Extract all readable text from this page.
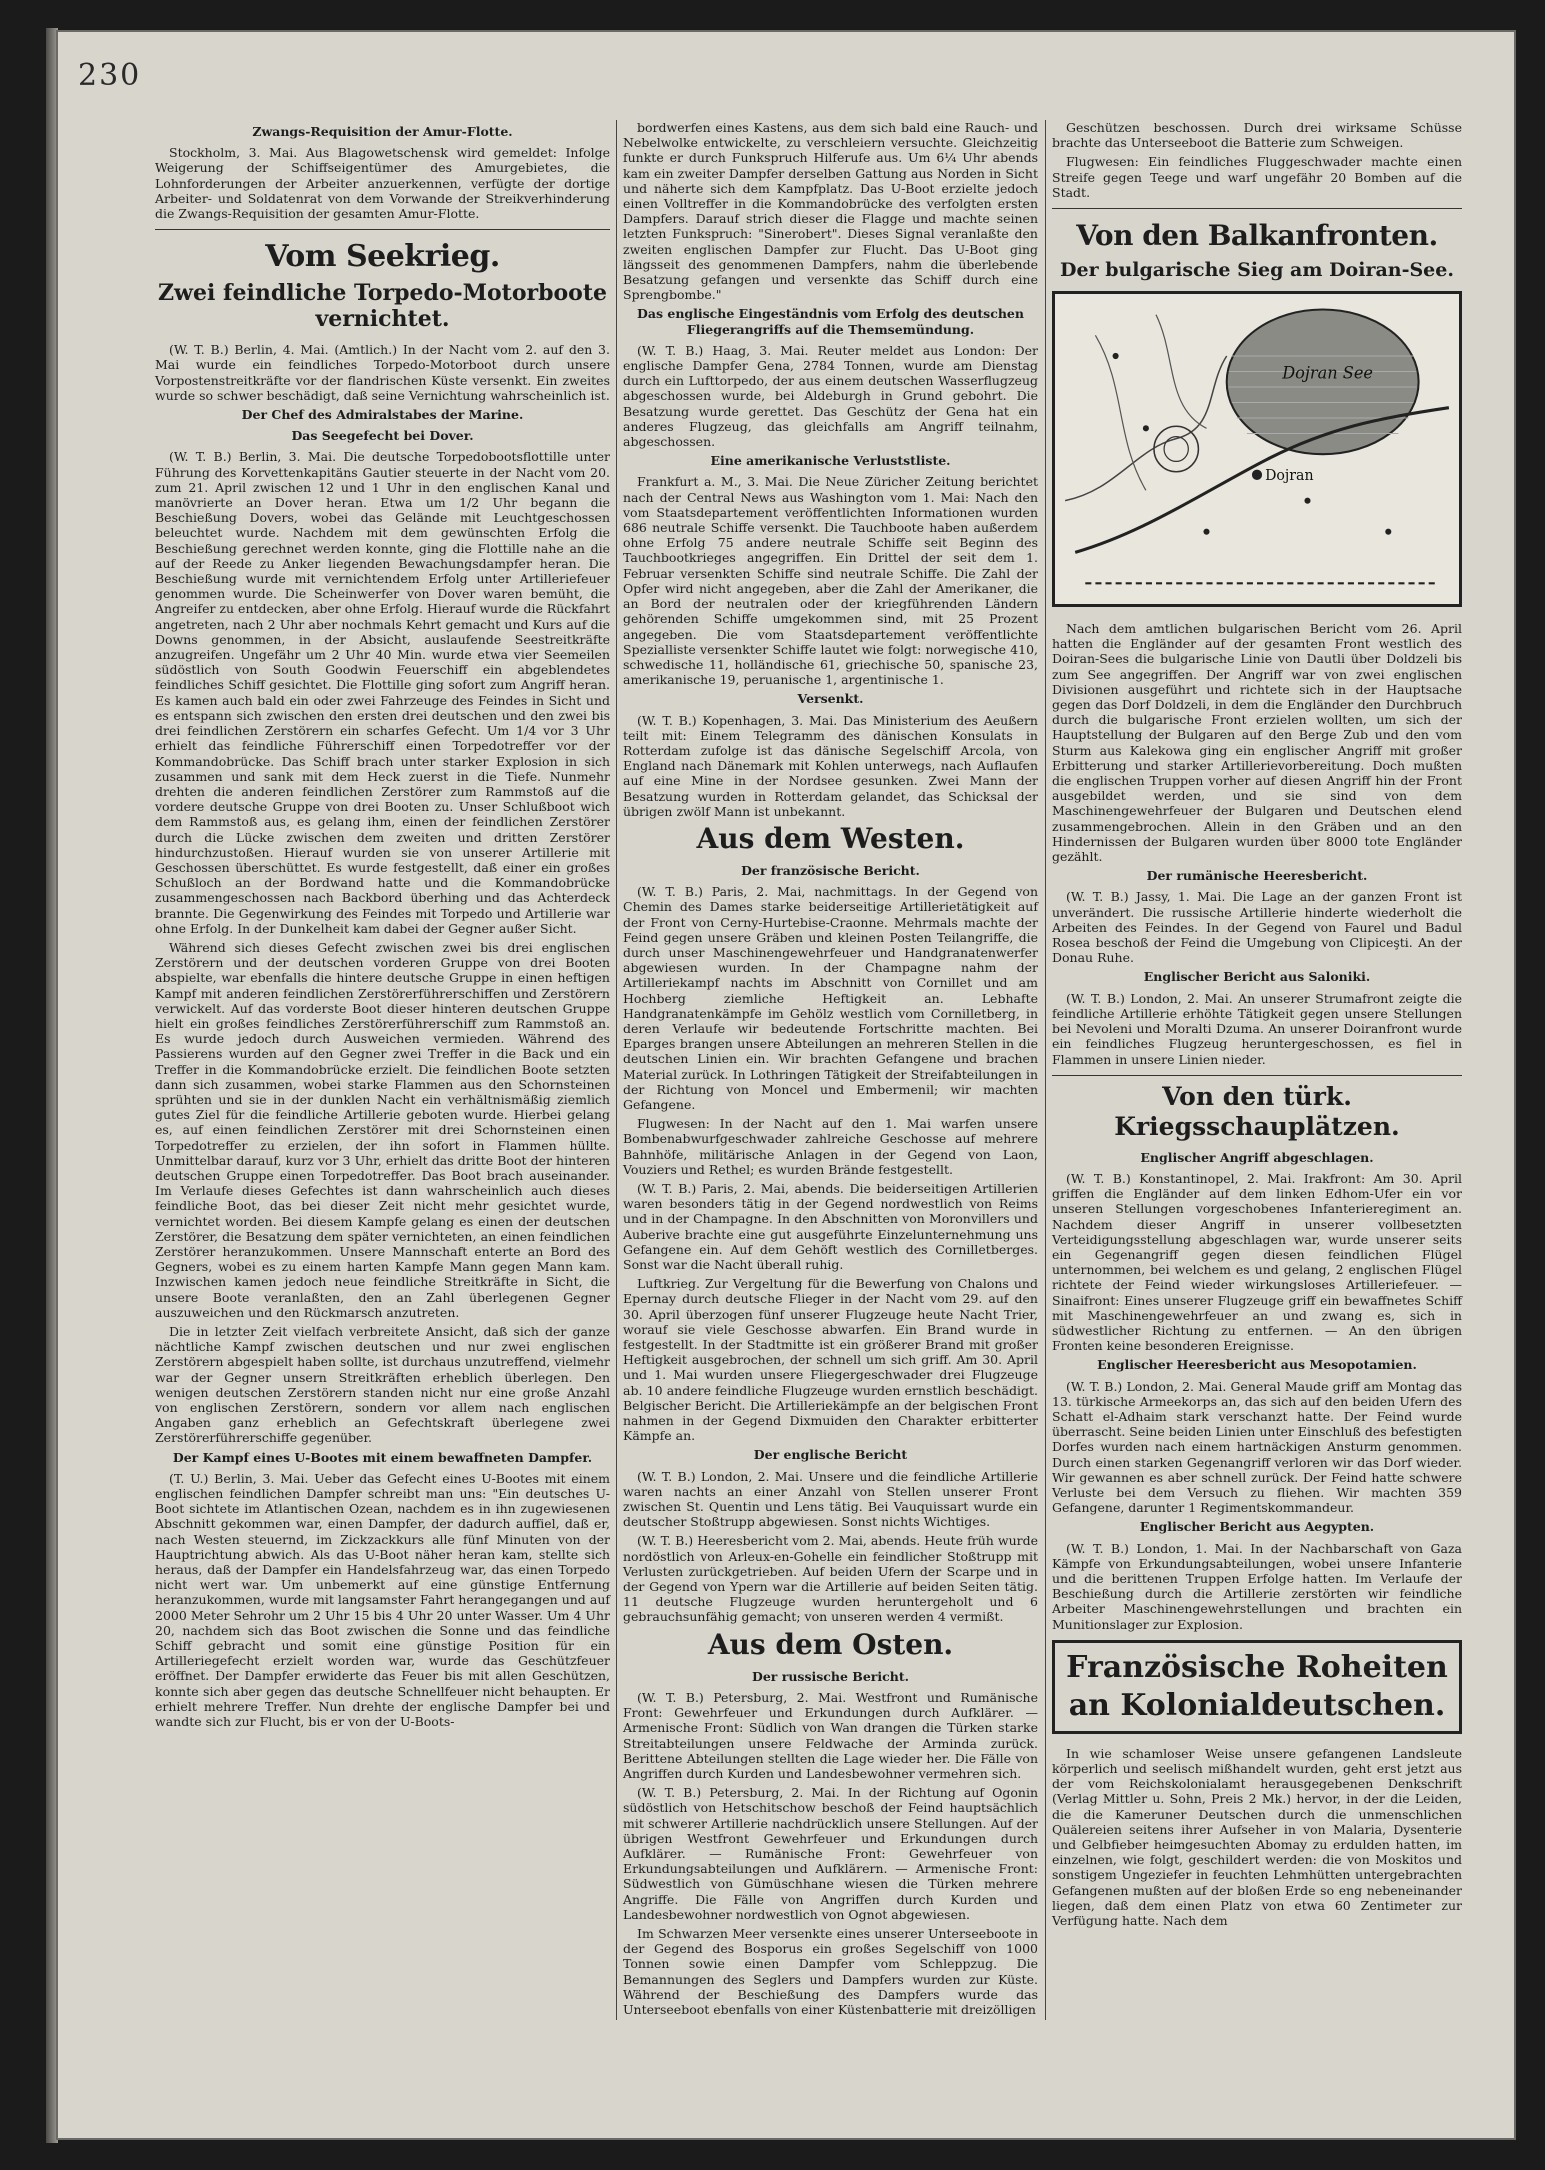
230
Zwangs-Requisition der Amur-Flotte.

Stockholm, 3. Mai. Aus Blagowetschensk wird gemeldet: Infolge Weigerung der Schiffseigentümer des Amurgebietes, die Lohnforderungen der Arbeiter anzuerkennen, verfügte der dortige Arbeiter- und Soldatenrat von dem Vorwande der Streikverhinderung die Zwangs-Requisition der gesamten Amur-Flotte.

Vom Seekrieg.
Zwei feindliche Torpedo-Motorboote vernichtet.

(W. T. B.) Berlin, 4. Mai. (Amtlich.) In der Nacht vom 2. auf den 3. Mai wurde ein feindliches Torpedo-Motorboot durch unsere Vorpostenstreitkräfte vor der flandrischen Küste versenkt. Ein zweites wurde so schwer beschädigt, daß seine Vernichtung wahrscheinlich ist.

Der Chef des Admiralstabes der Marine.
Das Seegefecht bei Dover.

(W. T. B.) Berlin, 3. Mai. Die deutsche Torpedobootsflottille unter Führung des Korvettenkapitäns Gautier steuerte in der Nacht vom 20. zum 21. April zwischen 12 und 1 Uhr in den englischen Kanal und manövrierte an Dover heran. Etwa um 1/2 Uhr begann die Beschießung Dovers, wobei das Gelände mit Leuchtgeschossen beleuchtet wurde. Nachdem mit dem gewünschten Erfolg die Beschießung gerechnet werden konnte, ging die Flottille nahe an die auf der Reede zu Anker liegenden Bewachungsdampfer heran. Die Beschießung wurde mit vernichtendem Erfolg unter Artilleriefeuer genommen wurde. Die Scheinwerfer von Dover waren bemüht, die Angreifer zu entdecken, aber ohne Erfolg. Hierauf wurde die Rückfahrt angetreten, nach 2 Uhr aber nochmals Kehrt gemacht und Kurs auf die Downs genommen, in der Absicht, auslaufende Seestreitkräfte anzugreifen. Ungefähr um 2 Uhr 40 Min. wurde etwa vier Seemeilen südöstlich von South Goodwin Feuerschiff ein abgeblendetes feindliches Schiff gesichtet. Die Flottille ging sofort zum Angriff heran. Es kamen auch bald ein oder zwei Fahrzeuge des Feindes in Sicht und es entspann sich zwischen den ersten drei deutschen und den zwei bis drei feindlichen Zerstörern ein scharfes Gefecht. Um 1/4 vor 3 Uhr erhielt das feindliche Führerschiff einen Torpedotreffer vor der Kommandobrücke. Das Schiff brach unter starker Explosion in sich zusammen und sank mit dem Heck zuerst in die Tiefe. Nunmehr drehten die anderen feindlichen Zerstörer zum Rammstoß auf die vordere deutsche Gruppe von drei Booten zu. Unser Schlußboot wich dem Rammstoß aus, es gelang ihm, einen der feindlichen Zerstörer durch die Lücke zwischen dem zweiten und dritten Zerstörer hindurchzustoßen. Hierauf wurden sie von unserer Artillerie mit Geschossen überschüttet. Es wurde festgestellt, daß einer ein großes Schußloch an der Bordwand hatte und die Kommandobrücke zusammengeschossen nach Backbord überhing und das Achterdeck brannte. Die Gegenwirkung des Feindes mit Torpedo und Artillerie war ohne Erfolg. In der Dunkelheit kam dabei der Gegner außer Sicht.

Während sich dieses Gefecht zwischen zwei bis drei englischen Zerstörern und der deutschen vorderen Gruppe von drei Booten abspielte, war ebenfalls die hintere deutsche Gruppe in einen heftigen Kampf mit anderen feindlichen Zerstörerführerschiffen und Zerstörern verwickelt. Auf das vorderste Boot dieser hinteren deutschen Gruppe hielt ein großes feindliches Zerstörerführerschiff zum Rammstoß an. Es wurde jedoch durch Ausweichen vermieden. Während des Passierens wurden auf den Gegner zwei Treffer in die Back und ein Treffer in die Kommandobrücke erzielt. Die feindlichen Boote setzten dann sich zusammen, wobei starke Flammen aus den Schornsteinen sprühten und sie in der dunklen Nacht ein verhältnismäßig ziemlich gutes Ziel für die feindliche Artillerie geboten wurde. Hierbei gelang es, auf einen feindlichen Zerstörer mit drei Schornsteinen einen Torpedotreffer zu erzielen, der ihn sofort in Flammen hüllte. Unmittelbar darauf, kurz vor 3 Uhr, erhielt das dritte Boot der hinteren deutschen Gruppe einen Torpedotreffer. Das Boot brach auseinander. Im Verlaufe dieses Gefechtes ist dann wahrscheinlich auch dieses feindliche Boot, das bei dieser Zeit nicht mehr gesichtet wurde, vernichtet worden. Bei diesem Kampfe gelang es einen der deutschen Zerstörer, die Besatzung dem später vernichteten, an einen feindlichen Zerstörer heranzukommen. Unsere Mannschaft enterte an Bord des Gegners, wobei es zu einem harten Kampfe Mann gegen Mann kam. Inzwischen kamen jedoch neue feindliche Streitkräfte in Sicht, die unsere Boote veranlaßten, den an Zahl überlegenen Gegner auszuweichen und den Rückmarsch anzutreten.

Die in letzter Zeit vielfach verbreitete Ansicht, daß sich der ganze nächtliche Kampf zwischen deutschen und nur zwei englischen Zerstörern abgespielt haben sollte, ist durchaus unzutreffend, vielmehr war der Gegner unsern Streitkräften erheblich überlegen. Den wenigen deutschen Zerstörern standen nicht nur eine große Anzahl von englischen Zerstörern, sondern vor allem nach englischen Angaben ganz erheblich an Gefechtskraft überlegene zwei Zerstörerführerschiffe gegenüber.

Der Kampf eines U-Bootes mit einem bewaffneten Dampfer.

(T. U.) Berlin, 3. Mai. Ueber das Gefecht eines U-Bootes mit einem englischen feindlichen Dampfer schreibt man uns: "Ein deutsches U-Boot sichtete im Atlantischen Ozean, nachdem es in ihn zugewiesenen Abschnitt gekommen war, einen Dampfer, der dadurch auffiel, daß er, nach Westen steuernd, im Zickzackkurs alle fünf Minuten von der Hauptrichtung abwich. Als das U-Boot näher heran kam, stellte sich heraus, daß der Dampfer ein Handelsfahrzeug war, das einen Torpedo nicht wert war. Um unbemerkt auf eine günstige Entfernung heranzukommen, wurde mit langsamster Fahrt herangegangen und auf 2000 Meter Sehrohr um 2 Uhr 15 bis 4 Uhr 20 unter Wasser. Um 4 Uhr 20, nachdem sich das Boot zwischen die Sonne und das feindliche Schiff gebracht und somit eine günstige Position für ein Artilleriegefecht erzielt worden war, wurde das Geschützfeuer eröffnet. Der Dampfer erwiderte das Feuer bis mit allen Geschützen, konnte sich aber gegen das deutsche Schnellfeuer nicht behaupten. Er erhielt mehrere Treffer. Nun drehte der englische Dampfer bei und wandte sich zur Flucht, bis er von der U-Boots-

bordwerfen eines Kastens, aus dem sich bald eine Rauch- und Nebelwolke entwickelte, zu verschleiern versuchte. Gleichzeitig funkte er durch Funkspruch Hilferufe aus. Um 6¼ Uhr abends kam ein zweiter Dampfer derselben Gattung aus Norden in Sicht und näherte sich dem Kampfplatz. Das U-Boot erzielte jedoch einen Volltreffer in die Kommandobrücke des verfolgten ersten Dampfers. Darauf strich dieser die Flagge und machte seinen letzten Funkspruch: "Sinerobert". Dieses Signal veranlaßte den zweiten englischen Dampfer zur Flucht. Das U-Boot ging längsseit des genommenen Dampfers, nahm die überlebende Besatzung gefangen und versenkte das Schiff durch eine Sprengbombe."

Das englische Eingeständnis vom Erfolg des deutschen Fliegerangriffs auf die Themsemündung.

(W. T. B.) Haag, 3. Mai. Reuter meldet aus London: Der englische Dampfer Gena, 2784 Tonnen, wurde am Dienstag durch ein Lufttorpedo, der aus einem deutschen Wasserflugzeug abgeschossen wurde, bei Aldeburgh in Grund gebohrt. Die Besatzung wurde gerettet. Das Geschütz der Gena hat ein anderes Flugzeug, das gleichfalls am Angriff teilnahm, abgeschossen.

Eine amerikanische Verluststliste.

Frankfurt a. M., 3. Mai. Die Neue Züricher Zeitung berichtet nach der Central News aus Washington vom 1. Mai: Nach den vom Staatsdepartement veröffentlichten Informationen wurden 686 neutrale Schiffe versenkt. Die Tauchboote haben außerdem ohne Erfolg 75 andere neutrale Schiffe seit Beginn des Tauchbootkrieges angegriffen. Ein Drittel der seit dem 1. Februar versenkten Schiffe sind neutrale Schiffe. Die Zahl der Opfer wird nicht angegeben, aber die Zahl der Amerikaner, die an Bord der neutralen oder der kriegführenden Ländern gehörenden Schiffe umgekommen sind, mit 25 Prozent angegeben. Die vom Staatsdepartement veröffentlichte Spezialliste versenkter Schiffe lautet wie folgt: norwegische 410, schwedische 11, holländische 61, griechische 50, spanische 23, amerikanische 19, peruanische 1, argentinische 1.

Versenkt.

(W. T. B.) Kopenhagen, 3. Mai. Das Ministerium des Aeußern teilt mit: Einem Telegramm des dänischen Konsulats in Rotterdam zufolge ist das dänische Segelschiff Arcola, von England nach Dänemark mit Kohlen unterwegs, nach Auflaufen auf eine Mine in der Nordsee gesunken. Zwei Mann der Besatzung wurden in Rotterdam gelandet, das Schicksal der übrigen zwölf Mann ist unbekannt.

Aus dem Westen.
Der französische Bericht.

(W. T. B.) Paris, 2. Mai, nachmittags. In der Gegend von Chemin des Dames starke beiderseitige Artillerietätigkeit auf der Front von Cerny-Hurtebise-Craonne. Mehrmals machte der Feind gegen unsere Gräben und kleinen Posten Teilangriffe, die durch unser Maschinengewehrfeuer und Handgranatenwerfer abgewiesen wurden. In der Champagne nahm der Artilleriekampf nachts im Abschnitt von Cornillet und am Hochberg ziemliche Heftigkeit an. Lebhafte Handgranatenkämpfe im Gehölz westlich vom Cornilletberg, in deren Verlaufe wir bedeutende Fortschritte machten. Bei Eparges brangen unsere Abteilungen an mehreren Stellen in die deutschen Linien ein. Wir brachten Gefangene und brachen Material zurück. In Lothringen Tätigkeit der Streifabteilungen in der Richtung von Moncel und Embermenil; wir machten Gefangene.

Flugwesen: In der Nacht auf den 1. Mai warfen unsere Bombenabwurfgeschwader zahlreiche Geschosse auf mehrere Bahnhöfe, militärische Anlagen in der Gegend von Laon, Vouziers und Rethel; es wurden Brände festgestellt.

(W. T. B.) Paris, 2. Mai, abends. Die beiderseitigen Artillerien waren besonders tätig in der Gegend nordwestlich von Reims und in der Champagne. In den Abschnitten von Moronvillers und Auberive brachte eine gut ausgeführte Einzelunternehmung uns Gefangene ein. Auf dem Gehöft westlich des Cornilletberges. Sonst war die Nacht überall ruhig.

Luftkrieg. Zur Vergeltung für die Bewerfung von Chalons und Epernay durch deutsche Flieger in der Nacht vom 29. auf den 30. April überzogen fünf unserer Flugzeuge heute Nacht Trier, worauf sie viele Geschosse abwarfen. Ein Brand wurde in festgestellt. In der Stadtmitte ist ein größerer Brand mit großer Heftigkeit ausgebrochen, der schnell um sich griff. Am 30. April und 1. Mai wurden unsere Fliegergeschwader drei Flugzeuge ab. 10 andere feindliche Flugzeuge wurden ernstlich beschädigt. Belgischer Bericht. Die Artilleriekämpfe an der belgischen Front nahmen in der Gegend Dixmuiden den Charakter erbitterter Kämpfe an.

Der englische Bericht

(W. T. B.) London, 2. Mai. Unsere und die feindliche Artillerie waren nachts an einer Anzahl von Stellen unserer Front zwischen St. Quentin und Lens tätig. Bei Vauquissart wurde ein deutscher Stoßtrupp abgewiesen. Sonst nichts Wichtiges.

(W. T. B.) Heeresbericht vom 2. Mai, abends. Heute früh wurde nordöstlich von Arleux-en-Gohelle ein feindlicher Stoßtrupp mit Verlusten zurückgetrieben. Auf beiden Ufern der Scarpe und in der Gegend von Ypern war die Artillerie auf beiden Seiten tätig. 11 deutsche Flugzeuge wurden heruntergeholt und 6 gebrauchsunfähig gemacht; von unseren werden 4 vermißt.

Aus dem Osten.
Der russische Bericht.

(W. T. B.) Petersburg, 2. Mai. Westfront und Rumänische Front: Gewehrfeuer und Erkundungen durch Aufklärer. — Armenische Front: Südlich von Wan drangen die Türken starke Streitabteilungen unsere Feldwache der Arminda zurück. Berittene Abteilungen stellten die Lage wieder her. Die Fälle von Angriffen durch Kurden und Landesbewohner vermehren sich.

(W. T. B.) Petersburg, 2. Mai. In der Richtung auf Ogonin südöstlich von Hetschitschow beschoß der Feind hauptsächlich mit schwerer Artillerie nachdrücklich unsere Stellungen. Auf der übrigen Westfront Gewehrfeuer und Erkundungen durch Aufklärer. — Rumänische Front: Gewehrfeuer von Erkundungsabteilungen und Aufklärern. — Armenische Front: Südwestlich von Gümüschhane wiesen die Türken mehrere Angriffe. Die Fälle von Angriffen durch Kurden und Landesbewohner nordwestlich von Ognot abgewiesen.

Im Schwarzen Meer versenkte eines unserer Unterseeboote in der Gegend des Bosporus ein großes Segelschiff von 1000 Tonnen sowie einen Dampfer vom Schleppzug. Die Bemannungen des Seglers und Dampfers wurden zur Küste. Während der Beschießung des Dampfers wurde das Unterseeboot ebenfalls von einer Küstenbatterie mit dreizölligen

Geschützen beschossen. Durch drei wirksame Schüsse brachte das Unterseeboot die Batterie zum Schweigen.

Flugwesen: Ein feindliches Fluggeschwader machte einen Streife gegen Teege und warf ungefähr 20 Bomben auf die Stadt.

Von den Balkanfronten.
Der bulgarische Sieg am Doiran-See.
Dojran See
Dojran

Nach dem amtlichen bulgarischen Bericht vom 26. April hatten die Engländer auf der gesamten Front westlich des Doiran-Sees die bulgarische Linie von Dautli über Doldzeli bis zum See angegriffen. Der Angriff war von zwei englischen Divisionen ausgeführt und richtete sich in der Hauptsache gegen das Dorf Doldzeli, in dem die Engländer den Durchbruch durch die bulgarische Front erzielen wollten, um sich der Hauptstellung der Bulgaren auf den Berge Zub und den vom Sturm aus Kalekowa ging ein englischer Angriff mit großer Erbitterung und starker Artillerievorbereitung. Doch mußten die englischen Truppen vorher auf diesen Angriff hin der Front ausgebildet werden, und sie sind von dem Maschinengewehrfeuer der Bulgaren und Deutschen elend zusammengebrochen. Allein in den Gräben und an den Hindernissen der Bulgaren wurden über 8000 tote Engländer gezählt.

Der rumänische Heeresbericht.

(W. T. B.) Jassy, 1. Mai. Die Lage an der ganzen Front ist unverändert. Die russische Artillerie hinderte wiederholt die Arbeiten des Feindes. In der Gegend von Faurel und Badul Rosea beschoß der Feind die Umgebung von Clipiceşti. An der Donau Ruhe.

Englischer Bericht aus Saloniki.

(W. T. B.) London, 2. Mai. An unserer Strumafront zeigte die feindliche Artillerie erhöhte Tätigkeit gegen unsere Stellungen bei Nevoleni und Moralti Dzuma. An unserer Doiranfront wurde ein feindliches Flugzeug heruntergeschossen, es fiel in Flammen in unsere Linien nieder.

Von den türk. Kriegsschauplätzen.
Englischer Angriff abgeschlagen.

(W. T. B.) Konstantinopel, 2. Mai. Irakfront: Am 30. April griffen die Engländer auf dem linken Edhom-Ufer ein vor unseren Stellungen vorgeschobenes Infanterieregiment an. Nachdem dieser Angriff in unserer vollbesetzten Verteidigungsstellung abgeschlagen war, wurde unserer seits ein Gegenangriff gegen diesen feindlichen Flügel unternommen, bei welchem es und gelang, 2 englischen Flügel richtete der Feind wieder wirkungsloses Artilleriefeuer. — Sinaifront: Eines unserer Flugzeuge griff ein bewaffnetes Schiff mit Maschinengewehrfeuer an und zwang es, sich in südwestlicher Richtung zu entfernen. — An den übrigen Fronten keine besonderen Ereignisse.

Englischer Heeresbericht aus Mesopotamien.

(W. T. B.) London, 2. Mai. General Maude griff am Montag das 13. türkische Armeekorps an, das sich auf den beiden Ufern des Schatt el-Adhaim stark verschanzt hatte. Der Feind wurde überrascht. Seine beiden Linien unter Einschluß des befestigten Dorfes wurden nach einem hartnäckigen Ansturm genommen. Durch einen starken Gegenangriff verloren wir das Dorf wieder. Wir gewannen es aber schnell zurück. Der Feind hatte schwere Verluste bei dem Versuch zu fliehen. Wir machten 359 Gefangene, darunter 1 Regimentskommandeur.

Englischer Bericht aus Aegypten.

(W. T. B.) London, 1. Mai. In der Nachbarschaft von Gaza Kämpfe von Erkundungsabteilungen, wobei unsere Infanterie und die berittenen Truppen Erfolge hatten. Im Verlaufe der Beschießung durch die Artillerie zerstörten wir feindliche Arbeiter Maschinengewehrstellungen und brachten ein Munitionslager zur Explosion.

Französische Roheiten an Kolonialdeutschen.

In wie schamloser Weise unsere gefangenen Landsleute körperlich und seelisch mißhandelt wurden, geht erst jetzt aus der vom Reichskolonialamt herausgegebenen Denkschrift (Verlag Mittler u. Sohn, Preis 2 Mk.) hervor, in der die Leiden, die die Kameruner Deutschen durch die unmenschlichen Quälereien seitens ihrer Aufseher in von Malaria, Dysenterie und Gelbfieber heimgesuchten Abomay zu erdulden hatten, im einzelnen, wie folgt, geschildert werden: die von Moskitos und sonstigem Ungeziefer in feuchten Lehmhütten untergebrachten Gefangenen mußten auf der bloßen Erde so eng nebeneinander liegen, daß dem einen Platz von etwa 60 Zentimeter zur Verfügung hatte. Nach dem
